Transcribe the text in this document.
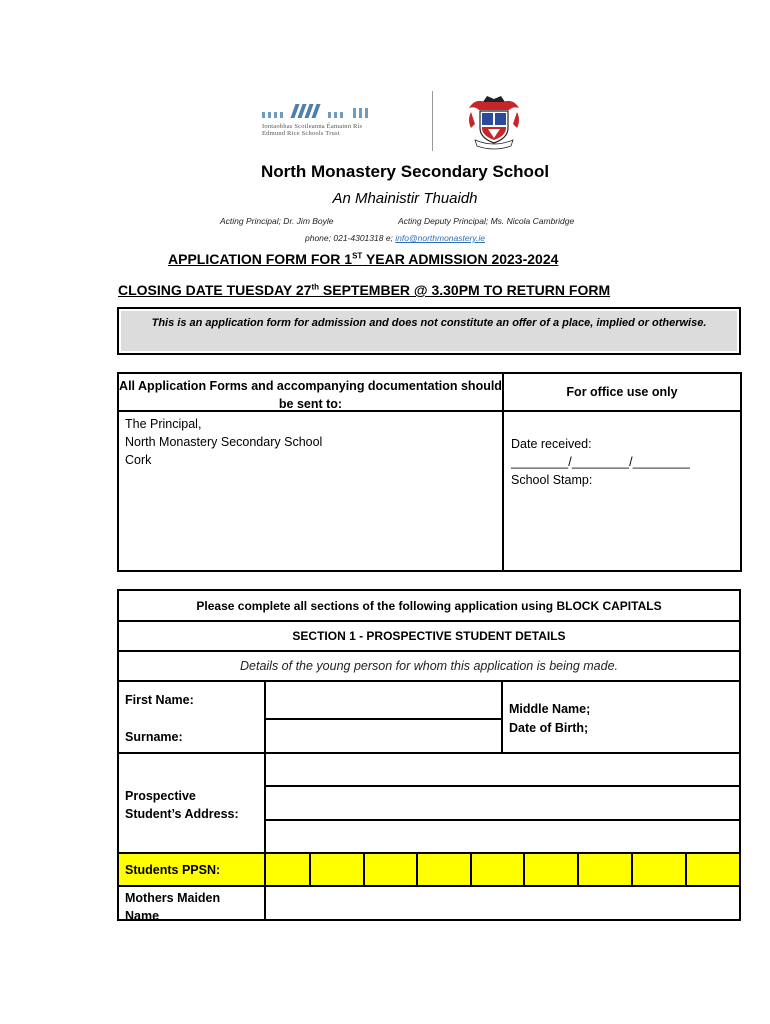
Iontaobhas Scoileanna Éamainn Rís
Edmund Rice Schools Trust
North Monastery Secondary School
An Mhainistir Thuaidh
Acting Principal; Dr. Jim Boyle	Acting Deputy Principal; Ms. Nicola Cambridge
phone; 021-4301318 e; info@northmonastery.ie
APPLICATION FORM FOR 1ST YEAR ADMISSION 2023-2024
CLOSING DATE TUESDAY 27th SEPTEMBER @ 3.30PM TO RETURN FORM
This is an application form for admission and does not constitute an offer of a place, implied or otherwise.
All Application Forms and accompanying documentation should be sent to:
For office use only
The Principal,
North Monastery Secondary School
Cork
Date received:
________/________/________
School Stamp:
Please complete all sections of the following application using BLOCK CAPITALS
SECTION 1 - PROSPECTIVE STUDENT DETAILS
Details of the young person for whom this application is being made.
First Name:
Middle Name;
Surname:
Date of Birth;
Prospective
Student’s Address:
Students PPSN:
Mothers Maiden
Name
